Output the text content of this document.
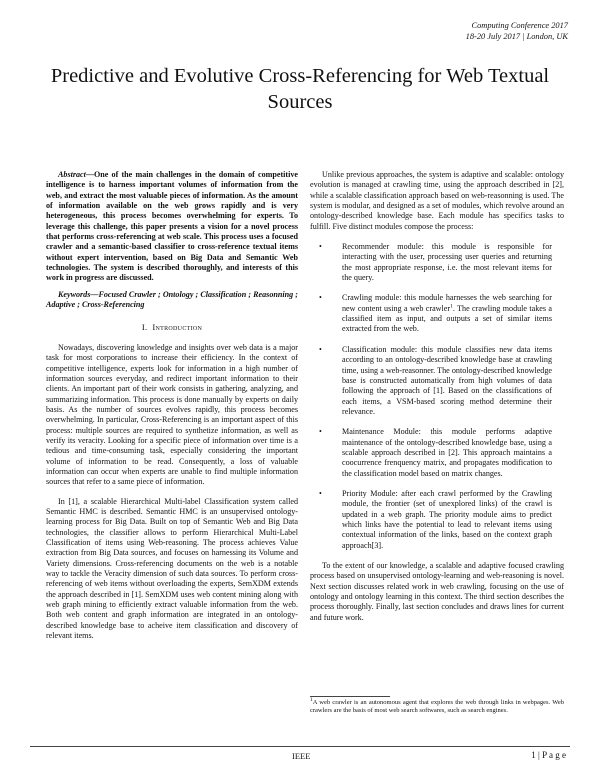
Computing Conference 2017
18-20 July 2017 | London, UK
Predictive and Evolutive Cross-Referencing for Web Textual Sources

Abstract—One of the main challenges in the domain of competitive intelligence is to harness important volumes of information from the web, and extract the most valuable pieces of information. As the amount of information available on the web grows rapidly and is very heterogeneous, this process becomes overwhelming for experts. To leverage this challenge, this paper presents a vision for a novel process that performs cross-referencing at web scale. This process uses a focused crawler and a semantic-based classifier to cross-reference textual items without expert intervention, based on Big Data and Semantic Web technologies. The system is described thoroughly, and interests of this work in progress are discussed.

Keywords—Focused Crawler ; Ontology ; Classification ; Reasonning ; Adaptive ; Cross-Referencing

I. Introduction

Nowadays, discovering knowledge and insights over web data is a major task for most corporations to increase their efficiency. In the context of competitive intelligence, experts look for information in a high number of information sources everyday, and redirect important information to their clients. An important part of their work consists in gathering, analyzing, and summarizing information. This process is done manually by experts on daily basis. As the number of sources evolves rapidly, this process becomes overwhelming. In particular, Cross-Referencing is an important aspect of this process: multiple sources are required to synthetize information, as well as verify its veracity. Looking for a specific piece of information over time is a tedious and time-consuming task, especially considering the important volume of information to be read. Consequently, a loss of valuable information can occur when experts are unable to find multiple information sources that refer to a same piece of information.

In [1], a scalable Hierarchical Multi-label Classification system called Semantic HMC is described. Semantic HMC is an unsupervised ontology-learning process for Big Data. Built on top of Semantic Web and Big Data technologies, the classifier allows to perform Hierarchical Multi-Label Classification of items using Web-reasoning. The process achieves Value extraction from Big Data sources, and focuses on harnessing its Volume and Variety dimensions. Cross-referencing documents on the web is a notable way to tackle the Veracity dimension of such data sources. To perform cross-referencing of web items without overloading the experts, SemXDM extends the approach described in [1]. SemXDM uses web content mining along with web graph mining to efficiently extract valuable information from the web. Both web content and graph information are integrated in an ontology-described knowledge base to acheive item classification and discovery of relevant items.

Unlike previous approaches, the system is adaptive and scalable: ontology evolution is managed at crawling time, using the approach described in [2], while a scalable classification approach based on web-reasonning is used. The system is modular, and designed as a set of modules, which revolve around an ontology-described knowledge base. Each module has specifics tasks to fulfill. Five distinct modules compose the process:

• Recommender module: this module is responsible for interacting with the user, processing user queries and returning the most appropriate response, i.e. the most relevant items for the query.
• Crawling module: this module harnesses the web searching for new content using a web crawler$^1$. The crawling module takes a classified item as input, and outputs a set of similar items extracted from the web.
• Classification module: this module classifies new data items according to an ontology-described knowledge base at crawling time, using a web-reasonner. The ontology-described knowledge base is constructed automatically from high volumes of data following the approach of [1]. Based on the classifications of each items, a VSM-based scoring method determine their relevance.
• Maintenance Module: this module performs adaptive maintenance of the ontology-described knowledge base, using a scalable approach described in [2]. This approach maintains a coocurrence frenquency matrix, and propagates modification to the classification model based on matrix changes.
• Priority Module: after each crawl performed by the Crawling module, the frontier (set of unexplored links) of the crawl is updated in a web graph. The priority module aims to predict which links have the potential to lead to relevant items using contextual information of the links, based on the context graph approach[3].

To the extent of our knowledge, a scalable and adaptive focused crawling process based on unsupervised ontology-learning and web-reasoning is novel. Next section discusses related work in web crawling, focusing on the use of ontology and ontology learning in this context. The third section describes the process thoroughly. Finally, last section concludes and draws lines for current and future work.

$^1$A web crawler is an autonomous agent that explores the web through links in webpages. Web crawlers are the basis of most web search softwares, such as search engines.
IEEE	1 | P a g e
